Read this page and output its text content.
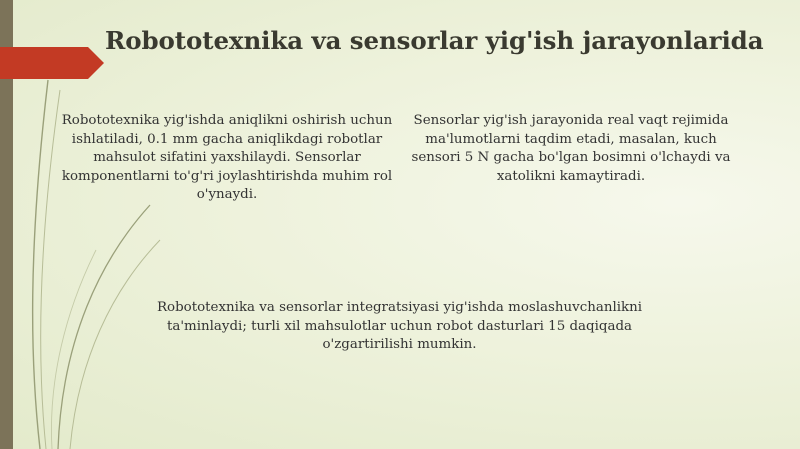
Robototexnika va sensorlar yig'ish jarayonlarida

Robototexnika yig'ishda aniqlikni oshirish uchun ishlatiladi, 0.1 mm gacha aniqlikdagi robotlar mahsulot sifatini yaxshilaydi. Sensorlar komponentlarni to'g'ri joylashtirishda muhim rol o'ynaydi.

Sensorlar yig'ish jarayonida real vaqt rejimida ma'lumotlarni taqdim etadi, masalan, kuch sensori 5 N gacha bo'lgan bosimni o'lchaydi va xatolikni kamaytiradi.

Robototexnika va sensorlar integratsiyasi yig'ishda moslashuvchanlikni ta'minlaydi; turli xil mahsulotlar uchun robot dasturlari 15 daqiqada o'zgartirilishi mumkin.
